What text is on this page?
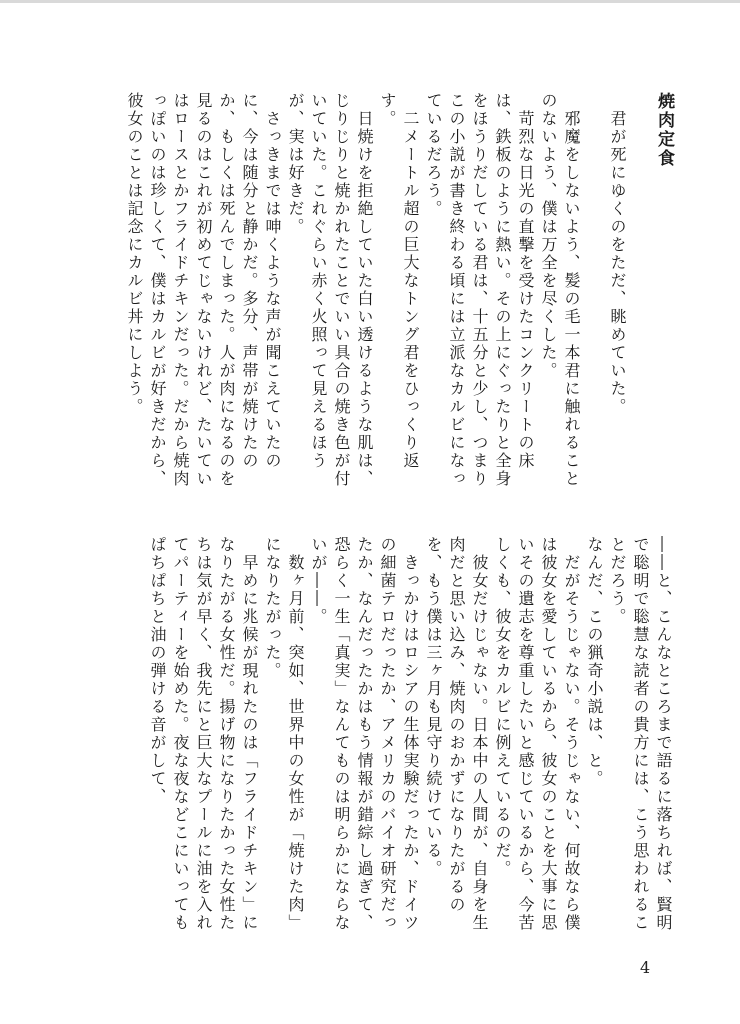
焼肉定食

　君が死にゆくのをただ、眺めていた。

　邪魔をしないよう、髪の毛一本君に触れることのないよう、僕は万全を尽くした。

　苛烈な日光の直撃を受けたコンクリートの床は、鉄板のように熱い。その上にぐったりと全身をほうりだしている君は、十五分と少し、つまりこの小説が書き終わる頃には立派なカルビになっているだろう。

　二メートル超の巨大なトング君をひっくり返す。

　日焼けを拒絶していた白い透けるような肌は、じりじりと焼かれたことでいい具合の焼き色が付いていた。これぐらい赤く火照って見えるほうが、実は好きだ。

　さっきまでは呻くような声が聞こえていたのに、今は随分と静かだ。多分、声帯が焼けたのか、もしくは死んでしまった。人が肉になるのを見るのはこれが初めてじゃないけれど、たいていはロースとかフライドチキンだった。だから焼肉っぽいのは珍しくて、僕はカルビが好きだから、彼女のことは記念にカルビ丼にしよう。

――と、こんなところまで語るに落ちれば、賢明で聡明で聡慧な読者の貴方には、こう思われることだろう。

なんだ、この猟奇小説は、と。

　だがそうじゃない。そうじゃない、何故なら僕は彼女を愛しているから、彼女のことを大事に思いその遺志を尊重したいと感じているから、今苦しくも、彼女をカルビに例えているのだ。

　彼女だけじゃない。日本中の人間が、自身を生肉だと思い込み、焼肉のおかずになりたがるのを、もう僕は三ヶ月も見守り続けている。

　きっかけはロシアの生体実験だったか、ドイツの細菌テロだったか、アメリカのバイオ研究だったか、なんだったかはもう情報が錯綜し過ぎて、恐らく一生「真実」なんてものは明らかにならないが――。

　数ヶ月前、突如、世界中の女性が「焼けた肉」になりたがった。

　早めに兆候が現れたのは「フライドチキン」になりたがる女性だ。揚げ物になりたかった女性たちは気が早く、我先にと巨大なプールに油を入れてパーティーを始めた。夜な夜などこにいってもぱちぱちと油の弾ける音がして、

4
